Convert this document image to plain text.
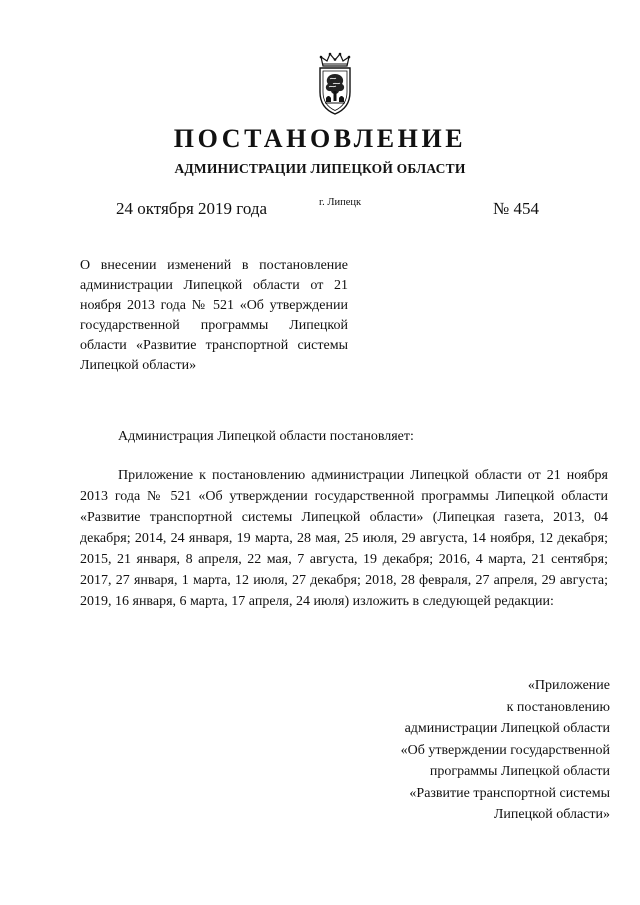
ПОСТАНОВЛЕНИЕ
АДМИНИСТРАЦИИ ЛИПЕЦКОЙ ОБЛАСТИ
24 октября 2019 года	г. Липецк	№ 454

О внесении изменений в постановление администрации Липецкой области от 21 ноября 2013 года № 521 «Об утверждении государственной программы Липецкой области «Развитие транспортной системы Липецкой области»

Администрация Липецкой области постановляет:

Приложение к постановлению администрации Липецкой области от 21 ноября 2013 года № 521 «Об утверждении государственной программы Липецкой области «Развитие транспортной системы Липецкой области» (Липецкая газета, 2013, 04 декабря; 2014, 24 января, 19 марта, 28 мая, 25 июля, 29 августа, 14 ноября, 12 декабря; 2015, 21 января, 8 апреля, 22 мая, 7 августа, 19 декабря; 2016, 4 марта, 21 сентября; 2017, 27 января, 1 марта, 12 июля, 27 декабря; 2018, 28 февраля, 27 апреля, 29 августа; 2019, 16 января, 6 марта, 17 апреля, 24 июля) изложить в следующей редакции:

«Приложение
к постановлению
администрации Липецкой области
«Об утверждении государственной
программы Липецкой области
«Развитие транспортной системы
Липецкой области»
